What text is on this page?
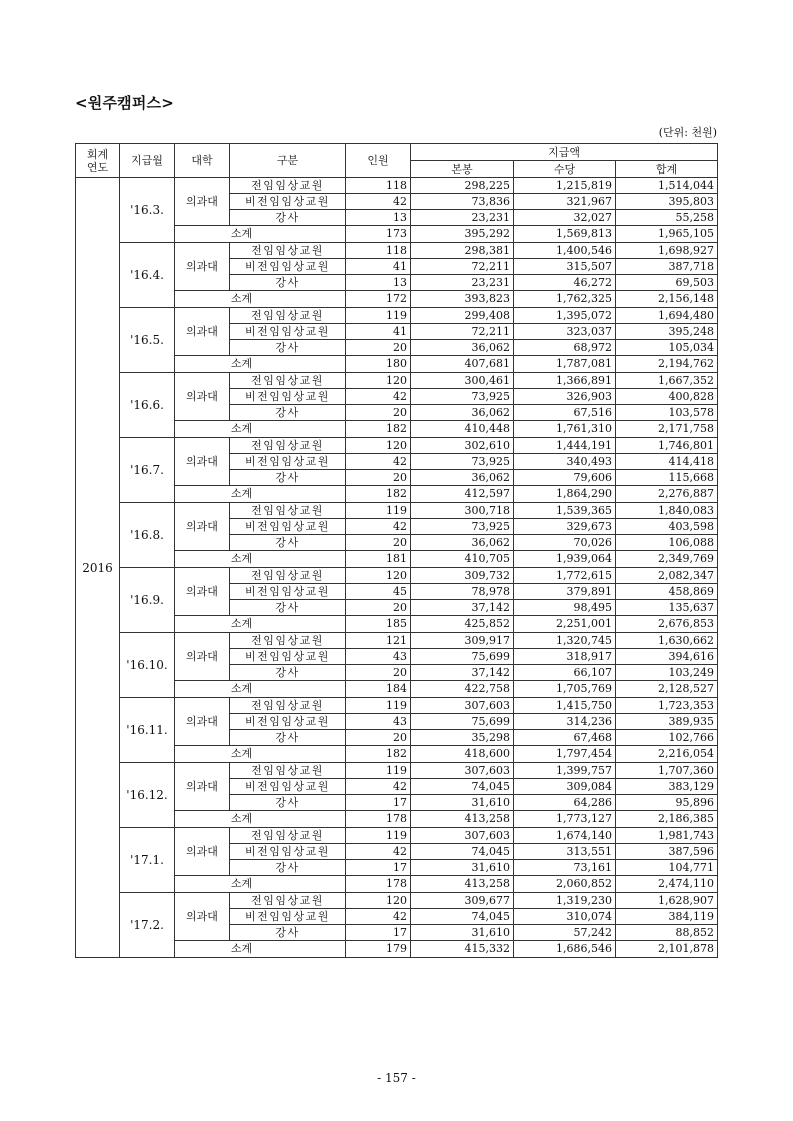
<원주캠퍼스>
(단위: 천원)
회계
연도	지급월	대학	구분	인원	지급액		
					본봉	수당	합계
2016	'16.3.	의과대	전임임상교원	118	298,225	1,215,819	1,514,044
			비전임임상교원	42	73,836	321,967	395,803
			강사	13	23,231	32,027	55,258
		소계		173	395,292	1,569,813	1,965,105
	'16.4.	의과대	전임임상교원	118	298,381	1,400,546	1,698,927
			비전임임상교원	41	72,211	315,507	387,718
			강사	13	23,231	46,272	69,503
		소계		172	393,823	1,762,325	2,156,148
	'16.5.	의과대	전임임상교원	119	299,408	1,395,072	1,694,480
			비전임임상교원	41	72,211	323,037	395,248
			강사	20	36,062	68,972	105,034
		소계		180	407,681	1,787,081	2,194,762
	'16.6.	의과대	전임임상교원	120	300,461	1,366,891	1,667,352
			비전임임상교원	42	73,925	326,903	400,828
			강사	20	36,062	67,516	103,578
		소계		182	410,448	1,761,310	2,171,758
	'16.7.	의과대	전임임상교원	120	302,610	1,444,191	1,746,801
			비전임임상교원	42	73,925	340,493	414,418
			강사	20	36,062	79,606	115,668
		소계		182	412,597	1,864,290	2,276,887
	'16.8.	의과대	전임임상교원	119	300,718	1,539,365	1,840,083
			비전임임상교원	42	73,925	329,673	403,598
			강사	20	36,062	70,026	106,088
		소계		181	410,705	1,939,064	2,349,769
	'16.9.	의과대	전임임상교원	120	309,732	1,772,615	2,082,347
			비전임임상교원	45	78,978	379,891	458,869
			강사	20	37,142	98,495	135,637
		소계		185	425,852	2,251,001	2,676,853
	'16.10.	의과대	전임임상교원	121	309,917	1,320,745	1,630,662
			비전임임상교원	43	75,699	318,917	394,616
			강사	20	37,142	66,107	103,249
		소계		184	422,758	1,705,769	2,128,527
	'16.11.	의과대	전임임상교원	119	307,603	1,415,750	1,723,353
			비전임임상교원	43	75,699	314,236	389,935
			강사	20	35,298	67,468	102,766
		소계		182	418,600	1,797,454	2,216,054
	'16.12.	의과대	전임임상교원	119	307,603	1,399,757	1,707,360
			비전임임상교원	42	74,045	309,084	383,129
			강사	17	31,610	64,286	95,896
		소계		178	413,258	1,773,127	2,186,385
	'17.1.	의과대	전임임상교원	119	307,603	1,674,140	1,981,743
			비전임임상교원	42	74,045	313,551	387,596
			강사	17	31,610	73,161	104,771
		소계		178	413,258	2,060,852	2,474,110
	'17.2.	의과대	전임임상교원	120	309,677	1,319,230	1,628,907
			비전임임상교원	42	74,045	310,074	384,119
			강사	17	31,610	57,242	88,852
		소계		179	415,332	1,686,546	2,101,878
- 157 -
